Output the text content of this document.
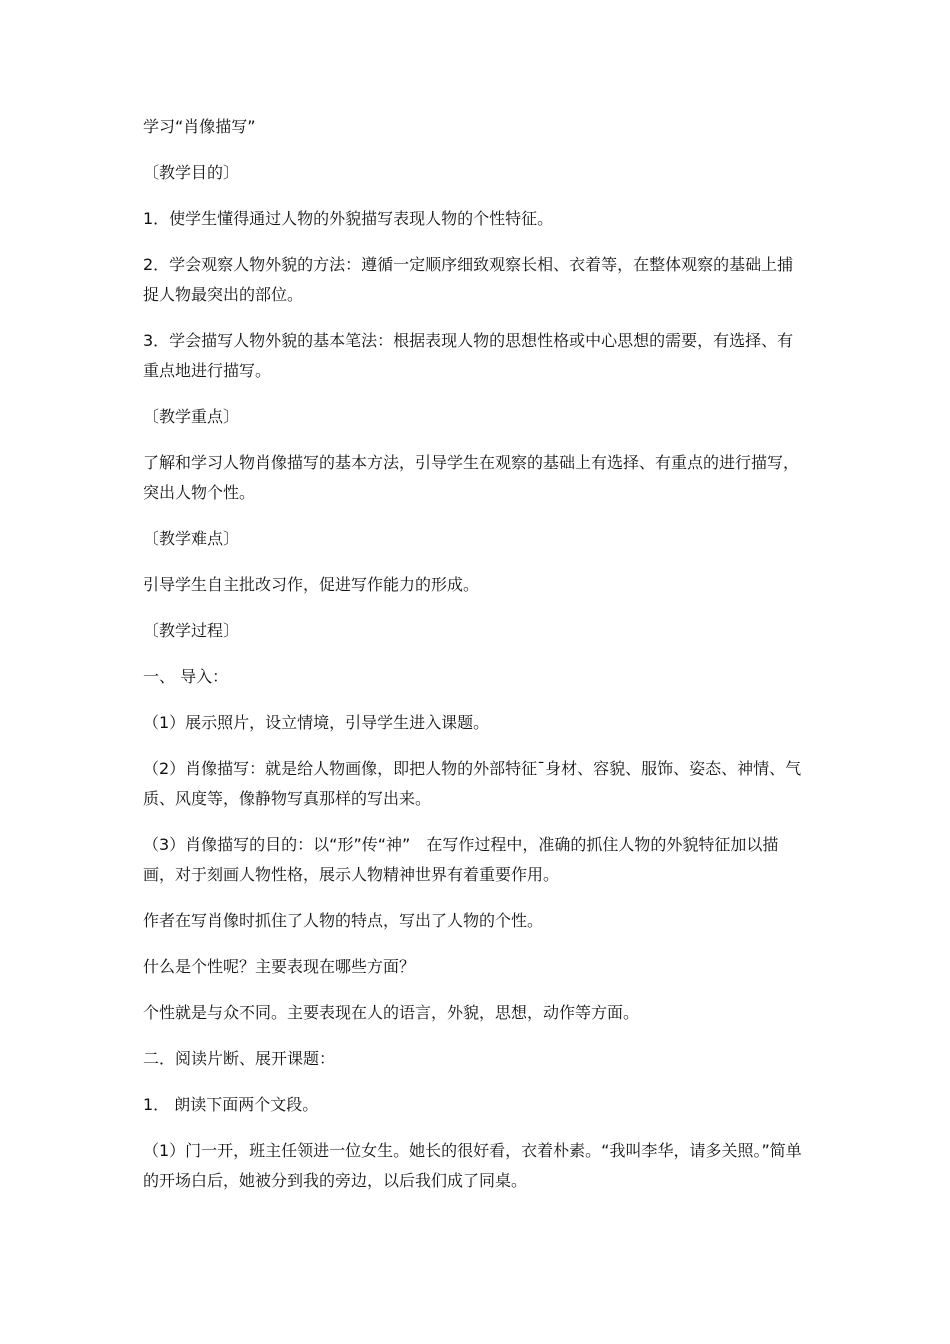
学习“肖像描写”

〔教学目的〕

1．使学生懂得通过人物的外貌描写表现人物的个性特征。

2．学会观察人物外貌的方法：遵循一定顺序细致观察长相、衣着等，在整体观察的基础上捕捉人物最突出的部位。

3．学会描写人物外貌的基本笔法：根据表现人物的思想性格或中心思想的需要，有选择、有重点地进行描写。

〔教学重点〕

了解和学习人物肖像描写的基本方法，引导学生在观察的基础上有选择、有重点的进行描写，突出人物个性。

〔教学难点〕

引导学生自主批改习作，促进写作能力的形成。

〔教学过程〕

一、 导入：

（1）展示照片，设立情境，引导学生进入课题。

（2）肖像描写：就是给人物画像，即把人物的外部特征¯身材、容貌、服饰、姿态、神情、气质、风度等，像静物写真那样的写出来。

（3）肖像描写的目的：以“形”传“神”　在写作过程中，准确的抓住人物的外貌特征加以描画，对于刻画人物性格，展示人物精神世界有着重要作用。

作者在写肖像时抓住了人物的特点，写出了人物的个性。

什么是个性呢？主要表现在哪些方面？

个性就是与众不同。主要表现在人的语言，外貌，思想，动作等方面。

二．阅读片断、展开课题：

1． 朗读下面两个文段。

（1）门一开，班主任领进一位女生。她长的很好看，衣着朴素。“我叫李华，请多关照。”简单的开场白后，她被分到我的旁边，以后我们成了同桌。
